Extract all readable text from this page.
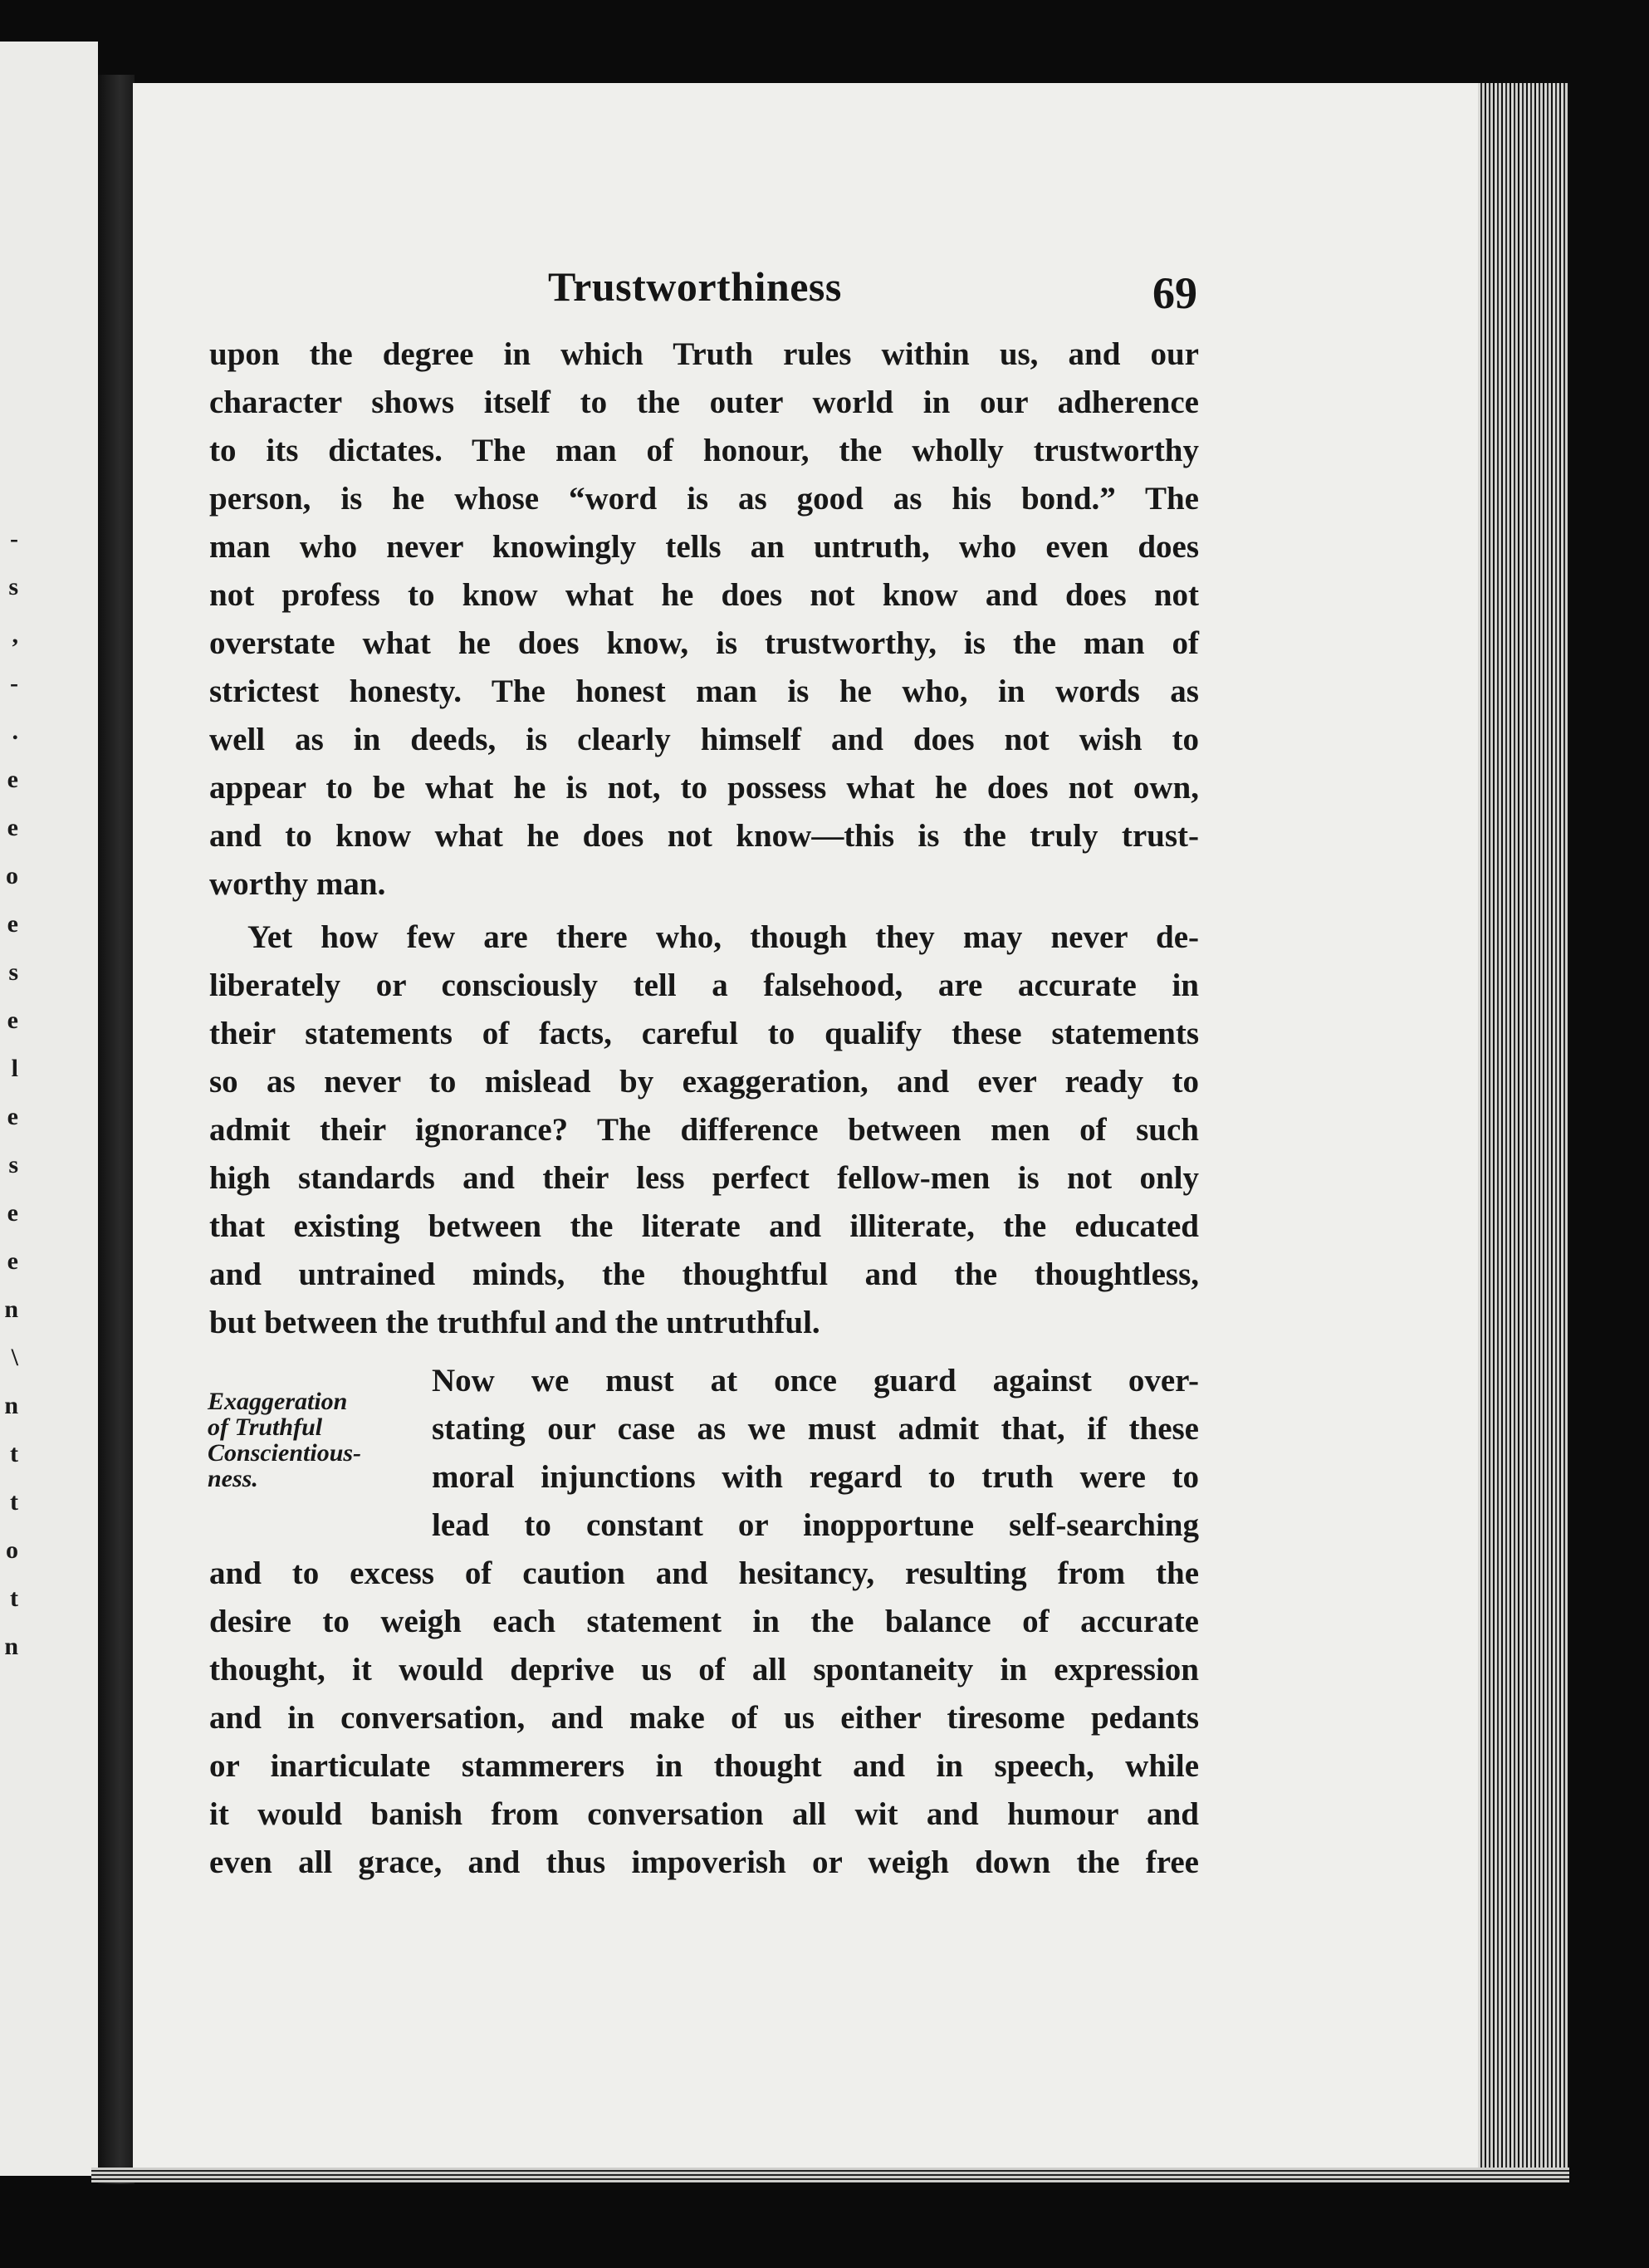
-
s
,
-
.
e
e
o
e
s
e
l
e
s
e
e
n
\
n
t
t
o
t
n
Trustworthiness	69
Exaggeration
of Truthful
Conscientious-
ness.
upon the degree in which Truth rules within us, and our
character shows itself to the outer world in our adherence
to its dictates. The man of honour, the wholly trustworthy
person, is he whose “word is as good as his bond.” The
man who never knowingly tells an untruth, who even does
not profess to know what he does not know and does not
overstate what he does know, is trustworthy, is the man of
strictest honesty. The honest man is he who, in words as
well as in deeds, is clearly himself and does not wish to
appear to be what he is not, to possess what he does not own,
and to know what he does not know—this is the truly trust-
worthy man.
Yet how few are there who, though they may never de-
liberately or consciously tell a falsehood, are accurate in
their statements of facts, careful to qualify these statements
so as never to mislead by exaggeration, and ever ready to
admit their ignorance? The difference between men of such
high standards and their less perfect fellow-men is not only
that existing between the literate and illiterate, the educated
and untrained minds, the thoughtful and the thoughtless,
but between the truthful and the untruthful.
Now we must at once guard against over-
stating our case as we must admit that, if these
moral injunctions with regard to truth were to
lead to constant or inopportune self-searching
and to excess of caution and hesitancy, resulting from the
desire to weigh each statement in the balance of accurate
thought, it would deprive us of all spontaneity in expression
and in conversation, and make of us either tiresome pedants
or inarticulate stammerers in thought and in speech, while
it would banish from conversation all wit and humour and
even all grace, and thus impoverish or weigh down the free
